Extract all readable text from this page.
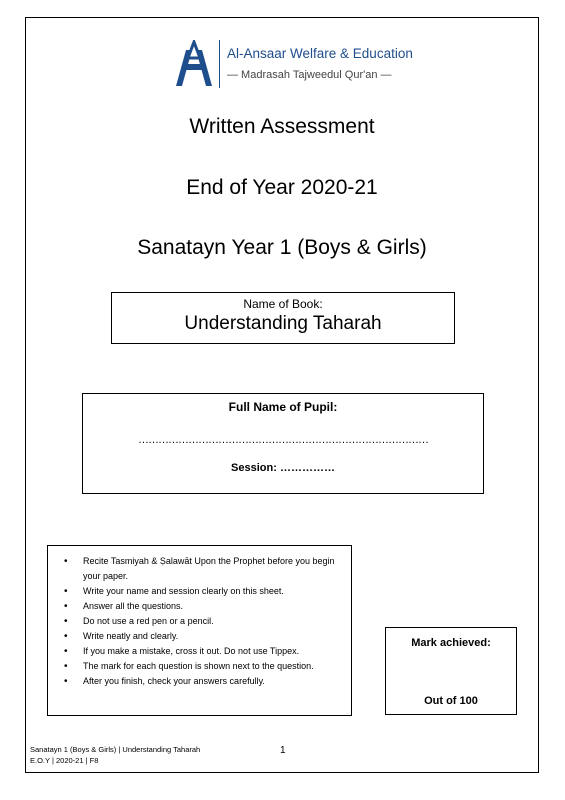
Al-Ansaar Welfare & Education
— Madrasah Tajweedul Qur'an —
Written Assessment
End of Year 2020-21
Sanatayn Year 1 (Boys & Girls)
Name of Book:
Understanding Taharah
Full Name of Pupil:
……………………………………………………………………………
Session: ……………
• Recite Tasmiyah & Ṣalawāt Upon the Prophet before you begin your paper.
• Write your name and session clearly on this sheet.
• Answer all the questions.
• Do not use a red pen or a pencil.
• Write neatly and clearly.
• If you make a mistake, cross it out. Do not use Tippex.
• The mark for each question is shown next to the question.
• After you finish, check your answers carefully.
Mark achieved:
Out of 100
Sanatayn 1 (Boys & Girls) | Understanding Taharah
E.O.Y | 2020-21 | F8
1
